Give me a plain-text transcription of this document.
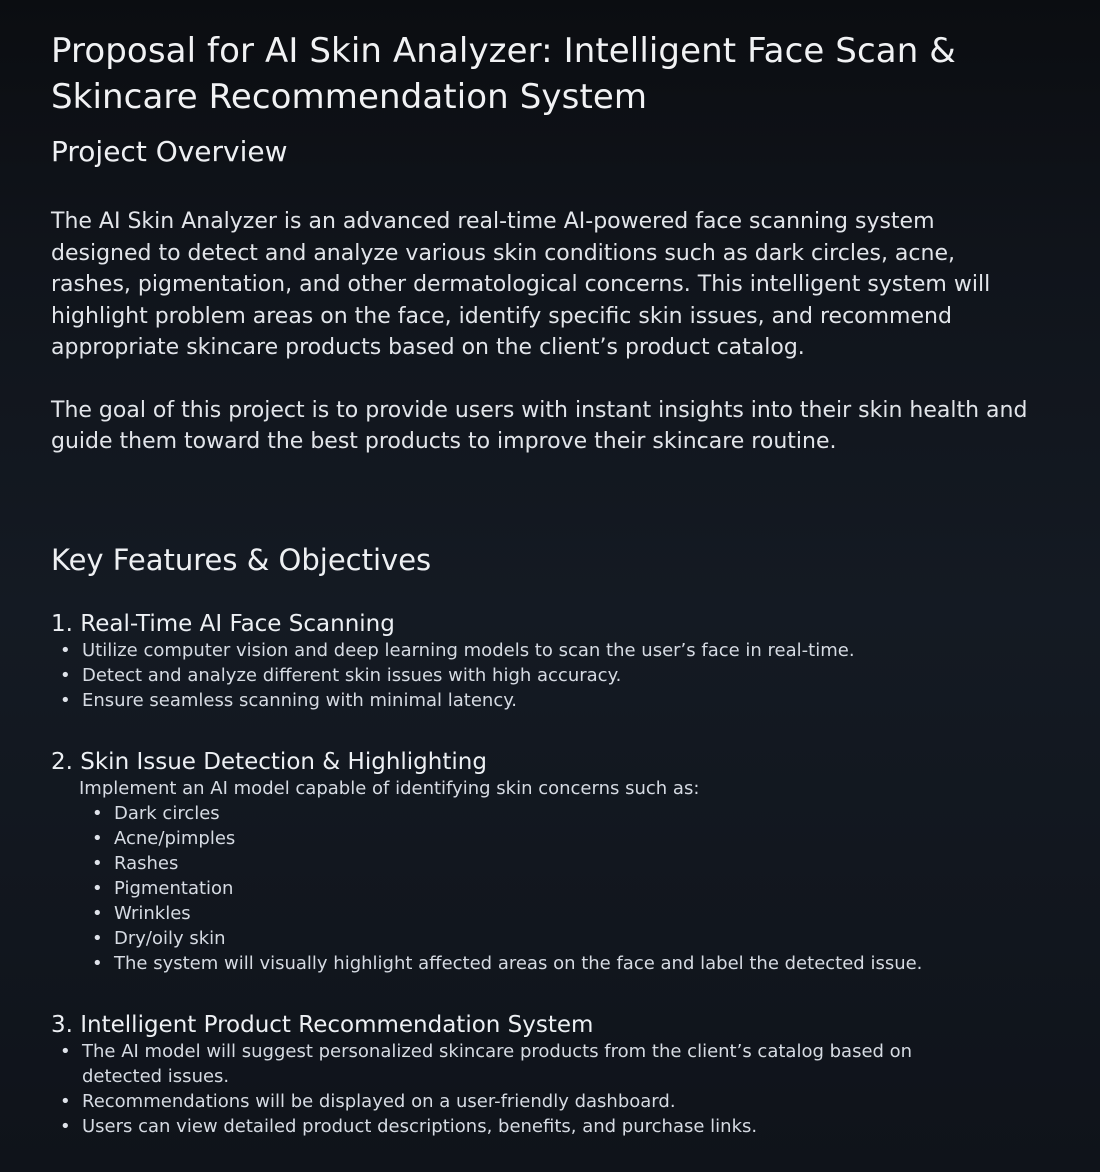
Proposal for AI Skin Analyzer: Intelligent Face Scan & Skincare Recommendation System
Project Overview

The AI Skin Analyzer is an advanced real-time AI-powered face scanning system designed to detect and analyze various skin conditions such as dark circles, acne, rashes, pigmentation, and other dermatological concerns. This intelligent system will highlight problem areas on the face, identify specific skin issues, and recommend appropriate skincare products based on the client’s product catalog.

The goal of this project is to provide users with instant insights into their skin health and guide them toward the best products to improve their skincare routine.

Key Features & Objectives
1. Real-Time AI Face Scanning
• Utilize computer vision and deep learning models to scan the user’s face in real-time.
• Detect and analyze different skin issues with high accuracy.
• Ensure seamless scanning with minimal latency.
2. Skin Issue Detection & Highlighting

Implement an AI model capable of identifying skin concerns such as:

• Dark circles
• Acne/pimples
• Rashes
• Pigmentation
• Wrinkles
• Dry/oily skin
• The system will visually highlight affected areas on the face and label the detected issue.
3. Intelligent Product Recommendation System
• The AI model will suggest personalized skincare products from the client’s catalog based on detected issues.
• Recommendations will be displayed on a user-friendly dashboard.
• Users can view detailed product descriptions, benefits, and purchase links.
